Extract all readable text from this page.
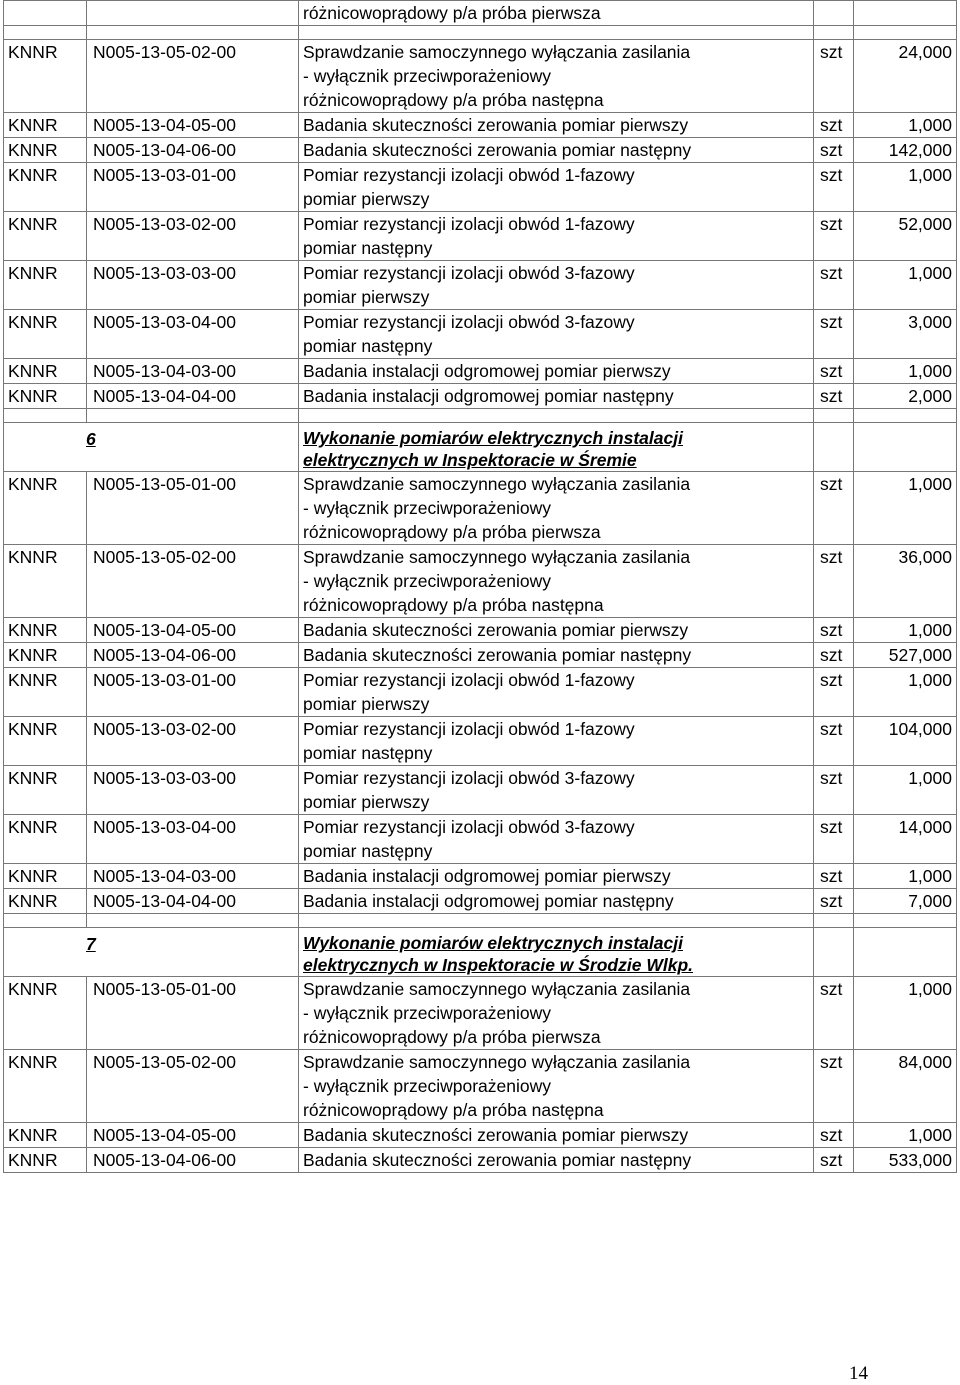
		różnicowoprądowy p/a próba pierwsza		

KNNR	N005-13-05-02-00	Sprawdzanie samoczynnego wyłączania zasilania
- wyłącznik przeciwporażeniowy
różnicowoprądowy p/a próba następna	szt	24,000
KNNR	N005-13-04-05-00	Badania skuteczności zerowania pomiar pierwszy	szt	1,000
KNNR	N005-13-04-06-00	Badania skuteczności zerowania pomiar następny	szt	142,000
KNNR	N005-13-03-01-00	Pomiar rezystancji izolacji obwód 1-fazowy
pomiar pierwszy	szt	1,000
KNNR	N005-13-03-02-00	Pomiar rezystancji izolacji obwód 1-fazowy
pomiar następny	szt	52,000
KNNR	N005-13-03-03-00	Pomiar rezystancji izolacji obwód 3-fazowy
pomiar pierwszy	szt	1,000
KNNR	N005-13-03-04-00	Pomiar rezystancji izolacji obwód 3-fazowy
pomiar następny	szt	3,000
KNNR	N005-13-04-03-00	Badania instalacji odgromowej pomiar pierwszy	szt	1,000
KNNR	N005-13-04-04-00	Badania instalacji odgromowej pomiar następny	szt	2,000

6		Wykonanie pomiarów elektrycznych instalacji
elektrycznych w Inspektoracie w Śremie		

KNNR	N005-13-05-01-00	Sprawdzanie samoczynnego wyłączania zasilania
- wyłącznik przeciwporażeniowy
różnicowoprądowy p/a próba pierwsza	szt	1,000
KNNR	N005-13-05-02-00	Sprawdzanie samoczynnego wyłączania zasilania
- wyłącznik przeciwporażeniowy
różnicowoprądowy p/a próba następna	szt	36,000
KNNR	N005-13-04-05-00	Badania skuteczności zerowania pomiar pierwszy	szt	1,000
KNNR	N005-13-04-06-00	Badania skuteczności zerowania pomiar następny	szt	527,000
KNNR	N005-13-03-01-00	Pomiar rezystancji izolacji obwód 1-fazowy
pomiar pierwszy	szt	1,000
KNNR	N005-13-03-02-00	Pomiar rezystancji izolacji obwód 1-fazowy
pomiar następny	szt	104,000
KNNR	N005-13-03-03-00	Pomiar rezystancji izolacji obwód 3-fazowy
pomiar pierwszy	szt	1,000
KNNR	N005-13-03-04-00	Pomiar rezystancji izolacji obwód 3-fazowy
pomiar następny	szt	14,000
KNNR	N005-13-04-03-00	Badania instalacji odgromowej pomiar pierwszy	szt	1,000
KNNR	N005-13-04-04-00	Badania instalacji odgromowej pomiar następny	szt	7,000

7		Wykonanie pomiarów elektrycznych instalacji
elektrycznych w Inspektoracie w Środzie Wlkp.		

KNNR	N005-13-05-01-00	Sprawdzanie samoczynnego wyłączania zasilania
- wyłącznik przeciwporażeniowy
różnicowoprądowy p/a próba pierwsza	szt	1,000
KNNR	N005-13-05-02-00	Sprawdzanie samoczynnego wyłączania zasilania
- wyłącznik przeciwporażeniowy
różnicowoprądowy p/a próba następna	szt	84,000
KNNR	N005-13-04-05-00	Badania skuteczności zerowania pomiar pierwszy	szt	1,000
KNNR	N005-13-04-06-00	Badania skuteczności zerowania pomiar następny	szt	533,000
14
